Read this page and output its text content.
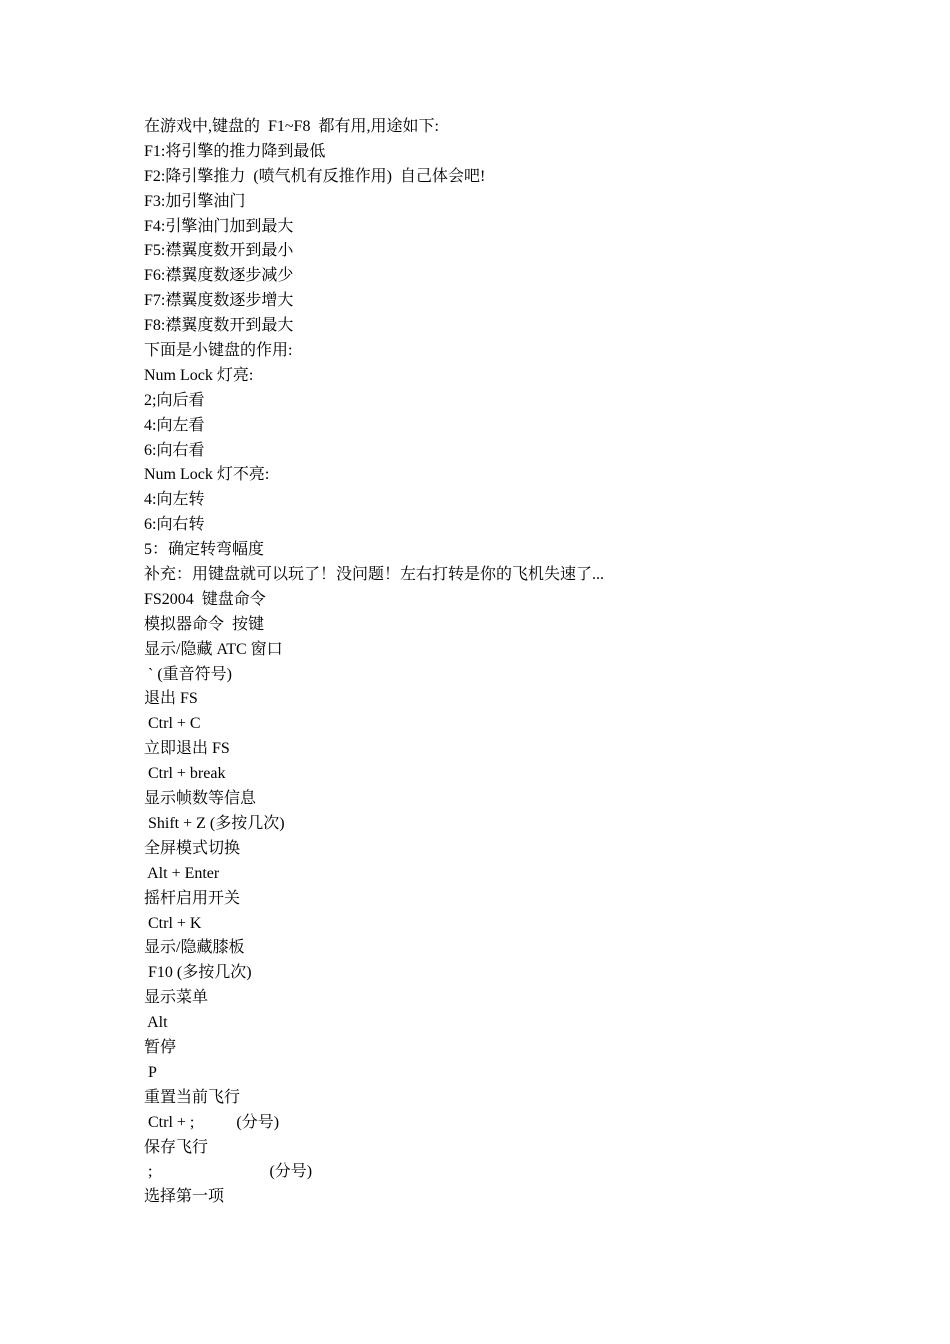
在游戏中,键盘的  F1~F8  都有用,用途如下:
F1:将引擎的推力降到最低
F2:降引擎推力  (喷气机有反推作用)  自己体会吧!
F3:加引擎油门
F4:引擎油门加到最大
F5:襟翼度数开到最小
F6:襟翼度数逐步减少
F7:襟翼度数逐步增大
F8:襟翼度数开到最大
下面是小键盘的作用:
Num Lock 灯亮:
2;向后看
4:向左看
6:向右看
Num Lock 灯不亮:
4:向左转
6:向右转
5：确定转弯幅度
补充：用键盘就可以玩了！没问题！左右打转是你的飞机失速了...
FS2004  键盘命令
模拟器命令  按键
显示/隐藏 ATC 窗口
` (重音符号)
退出 FS
Ctrl + C
立即退出 FS
Ctrl + break
显示帧数等信息
Shift + Z (多按几次)
全屏模式切换
Alt + Enter
摇杆启用开关
Ctrl + K
显示/隐藏膝板
F10 (多按几次)
显示菜单
Alt
暂停
P
重置当前飞行
Ctrl + ;	(分号)
保存飞行
;	(分号)
选择第一项
